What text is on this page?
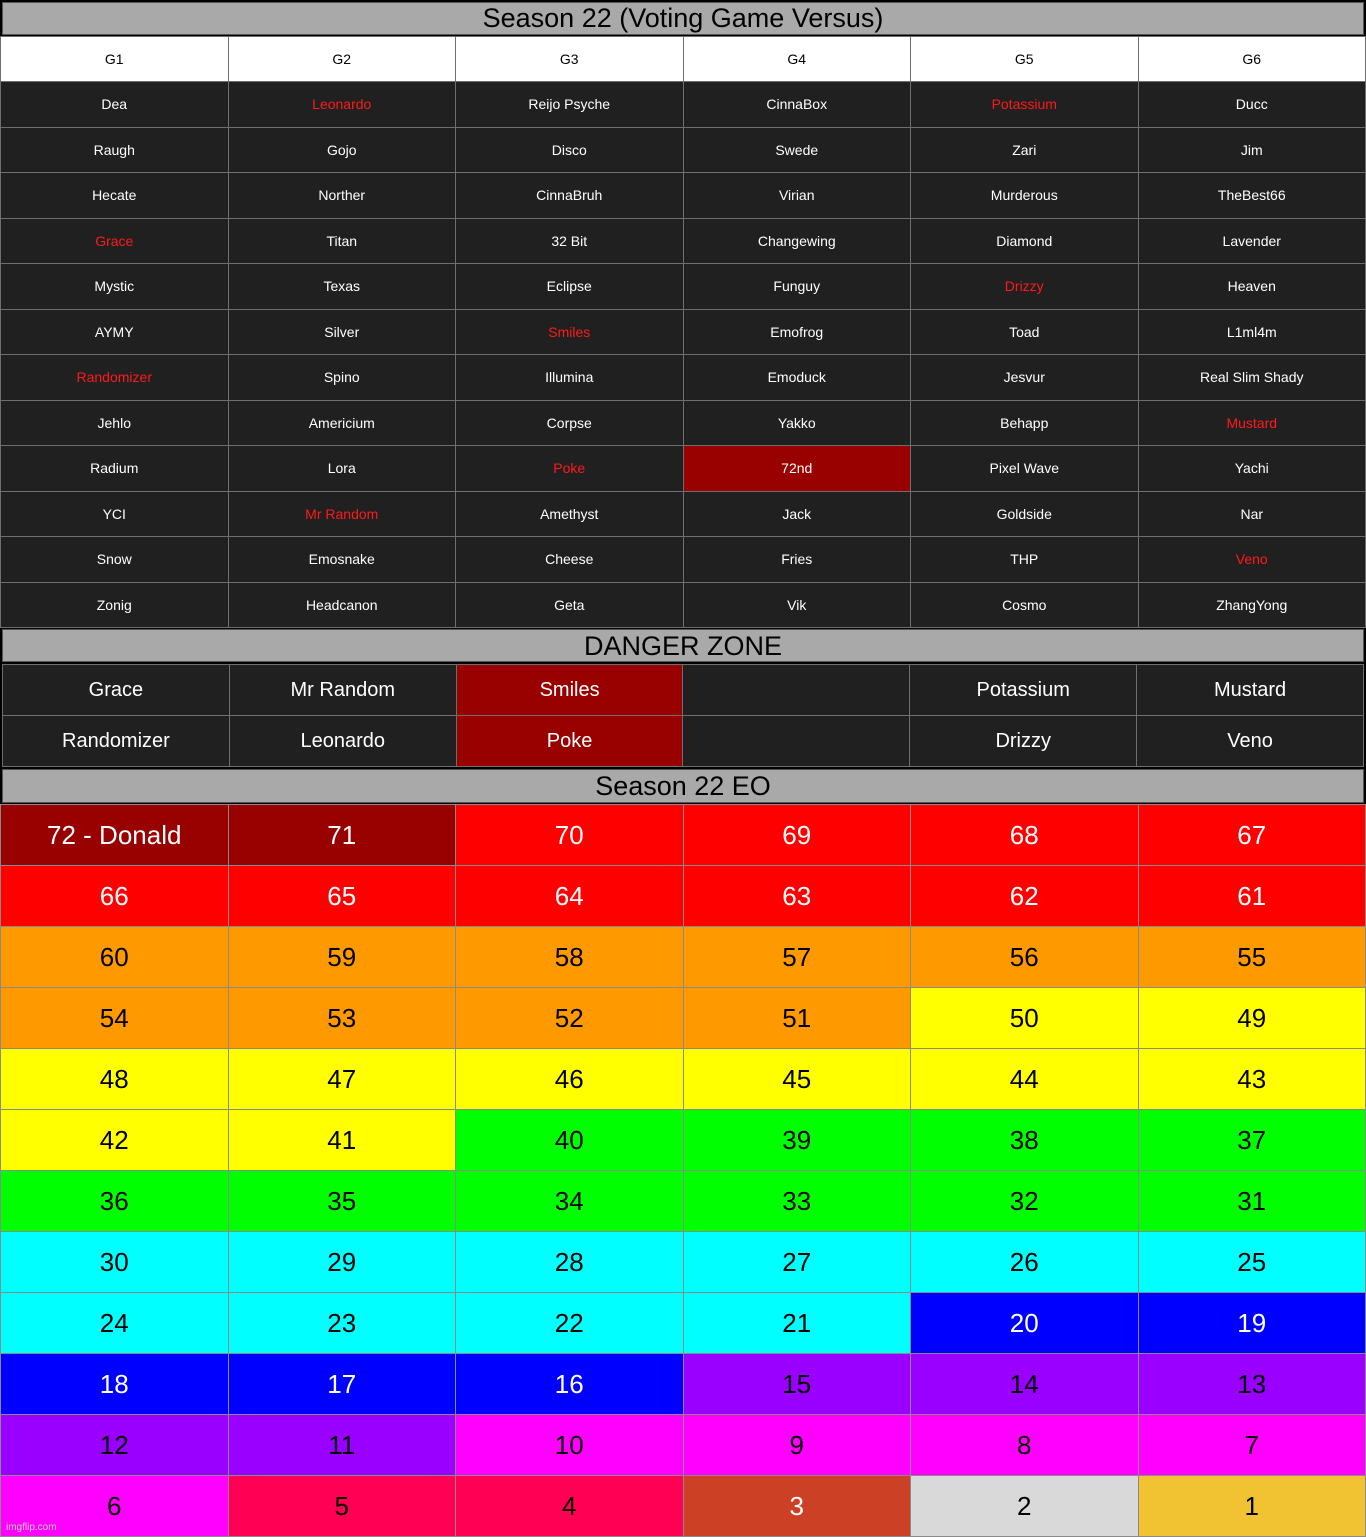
Season 22 (Voting Game Versus)
G1	G2	G3	G4	G5	G6
Dea	Leonardo	Reijo Psyche	CinnaBox	Potassium	Ducc
Raugh	Gojo	Disco	Swede	Zari	Jim
Hecate	Norther	CinnaBruh	Virian	Murderous	TheBest66
Grace	Titan	32 Bit	Changewing	Diamond	Lavender
Mystic	Texas	Eclipse	Funguy	Drizzy	Heaven
AYMY	Silver	Smiles	Emofrog	Toad	L1ml4m
Randomizer	Spino	Illumina	Emoduck	Jesvur	Real Slim Shady
Jehlo	Americium	Corpse	Yakko	Behapp	Mustard
Radium	Lora	Poke	72nd	Pixel Wave	Yachi
YCI	Mr Random	Amethyst	Jack	Goldside	Nar
Snow	Emosnake	Cheese	Fries	THP	Veno
Zonig	Headcanon	Geta	Vik	Cosmo	ZhangYong
DANGER ZONE
Grace	Mr Random	Smiles		Potassium	Mustard
Randomizer	Leonardo	Poke		Drizzy	Veno
Season 22 EO
72 - Donald	71	70	69	68	67
66	65	64	63	62	61
60	59	58	57	56	55
54	53	52	51	50	49
48	47	46	45	44	43
42	41	40	39	38	37
36	35	34	33	32	31
30	29	28	27	26	25
24	23	22	21	20	19
18	17	16	15	14	13
12	11	10	9	8	7
6	5	4	3	2	1
imgflip.com
